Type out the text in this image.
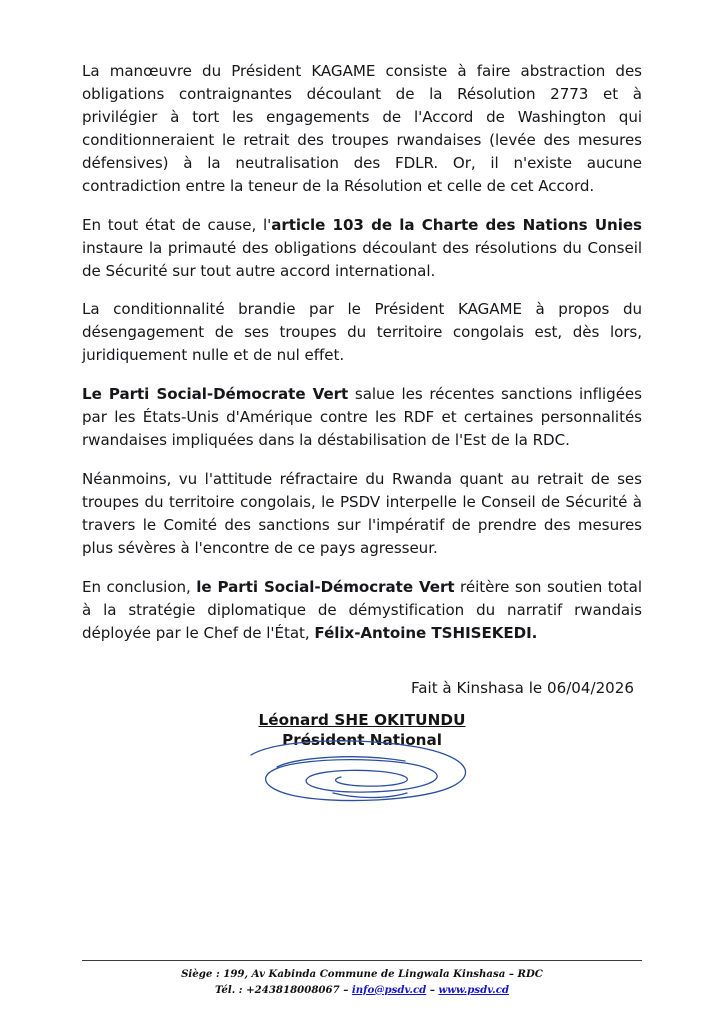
La manœuvre du Président KAGAME consiste à faire abstraction des obligations contraignantes découlant de la Résolution 2773 et à privilégier à tort les engagements de l'Accord de Washington qui conditionneraient le retrait des troupes rwandaises (levée des mesures défensives) à la neutralisation des FDLR. Or, il n'existe aucune contradiction entre la teneur de la Résolution et celle de cet Accord.

En tout état de cause, l'article 103 de la Charte des Nations Unies instaure la primauté des obligations découlant des résolutions du Conseil de Sécurité sur tout autre accord international.

La conditionnalité brandie par le Président KAGAME à propos du désengagement de ses troupes du territoire congolais est, dès lors, juridiquement nulle et de nul effet.

Le Parti Social-Démocrate Vert salue les récentes sanctions infligées par les États-Unis d'Amérique contre les RDF et certaines personnalités rwandaises impliquées dans la déstabilisation de l'Est de la RDC.

Néanmoins, vu l'attitude réfractaire du Rwanda quant au retrait de ses troupes du territoire congolais, le PSDV interpelle le Conseil de Sécurité à travers le Comité des sanctions sur l'impératif de prendre des mesures plus sévères à l'encontre de ce pays agresseur.

En conclusion, le Parti Social-Démocrate Vert réitère son soutien total à la stratégie diplomatique de démystification du narratif rwandais déployée par le Chef de l'État, Félix-Antoine TSHISEKEDI.

Fait à Kinshasa le 06/04/2026
Léonard SHE OKITUNDU
Président National
Siège : 199, Av Kabinda Commune de Lingwala Kinshasa – RDC
Tél. : +243818008067 – info@psdv.cd – www.psdv.cd
